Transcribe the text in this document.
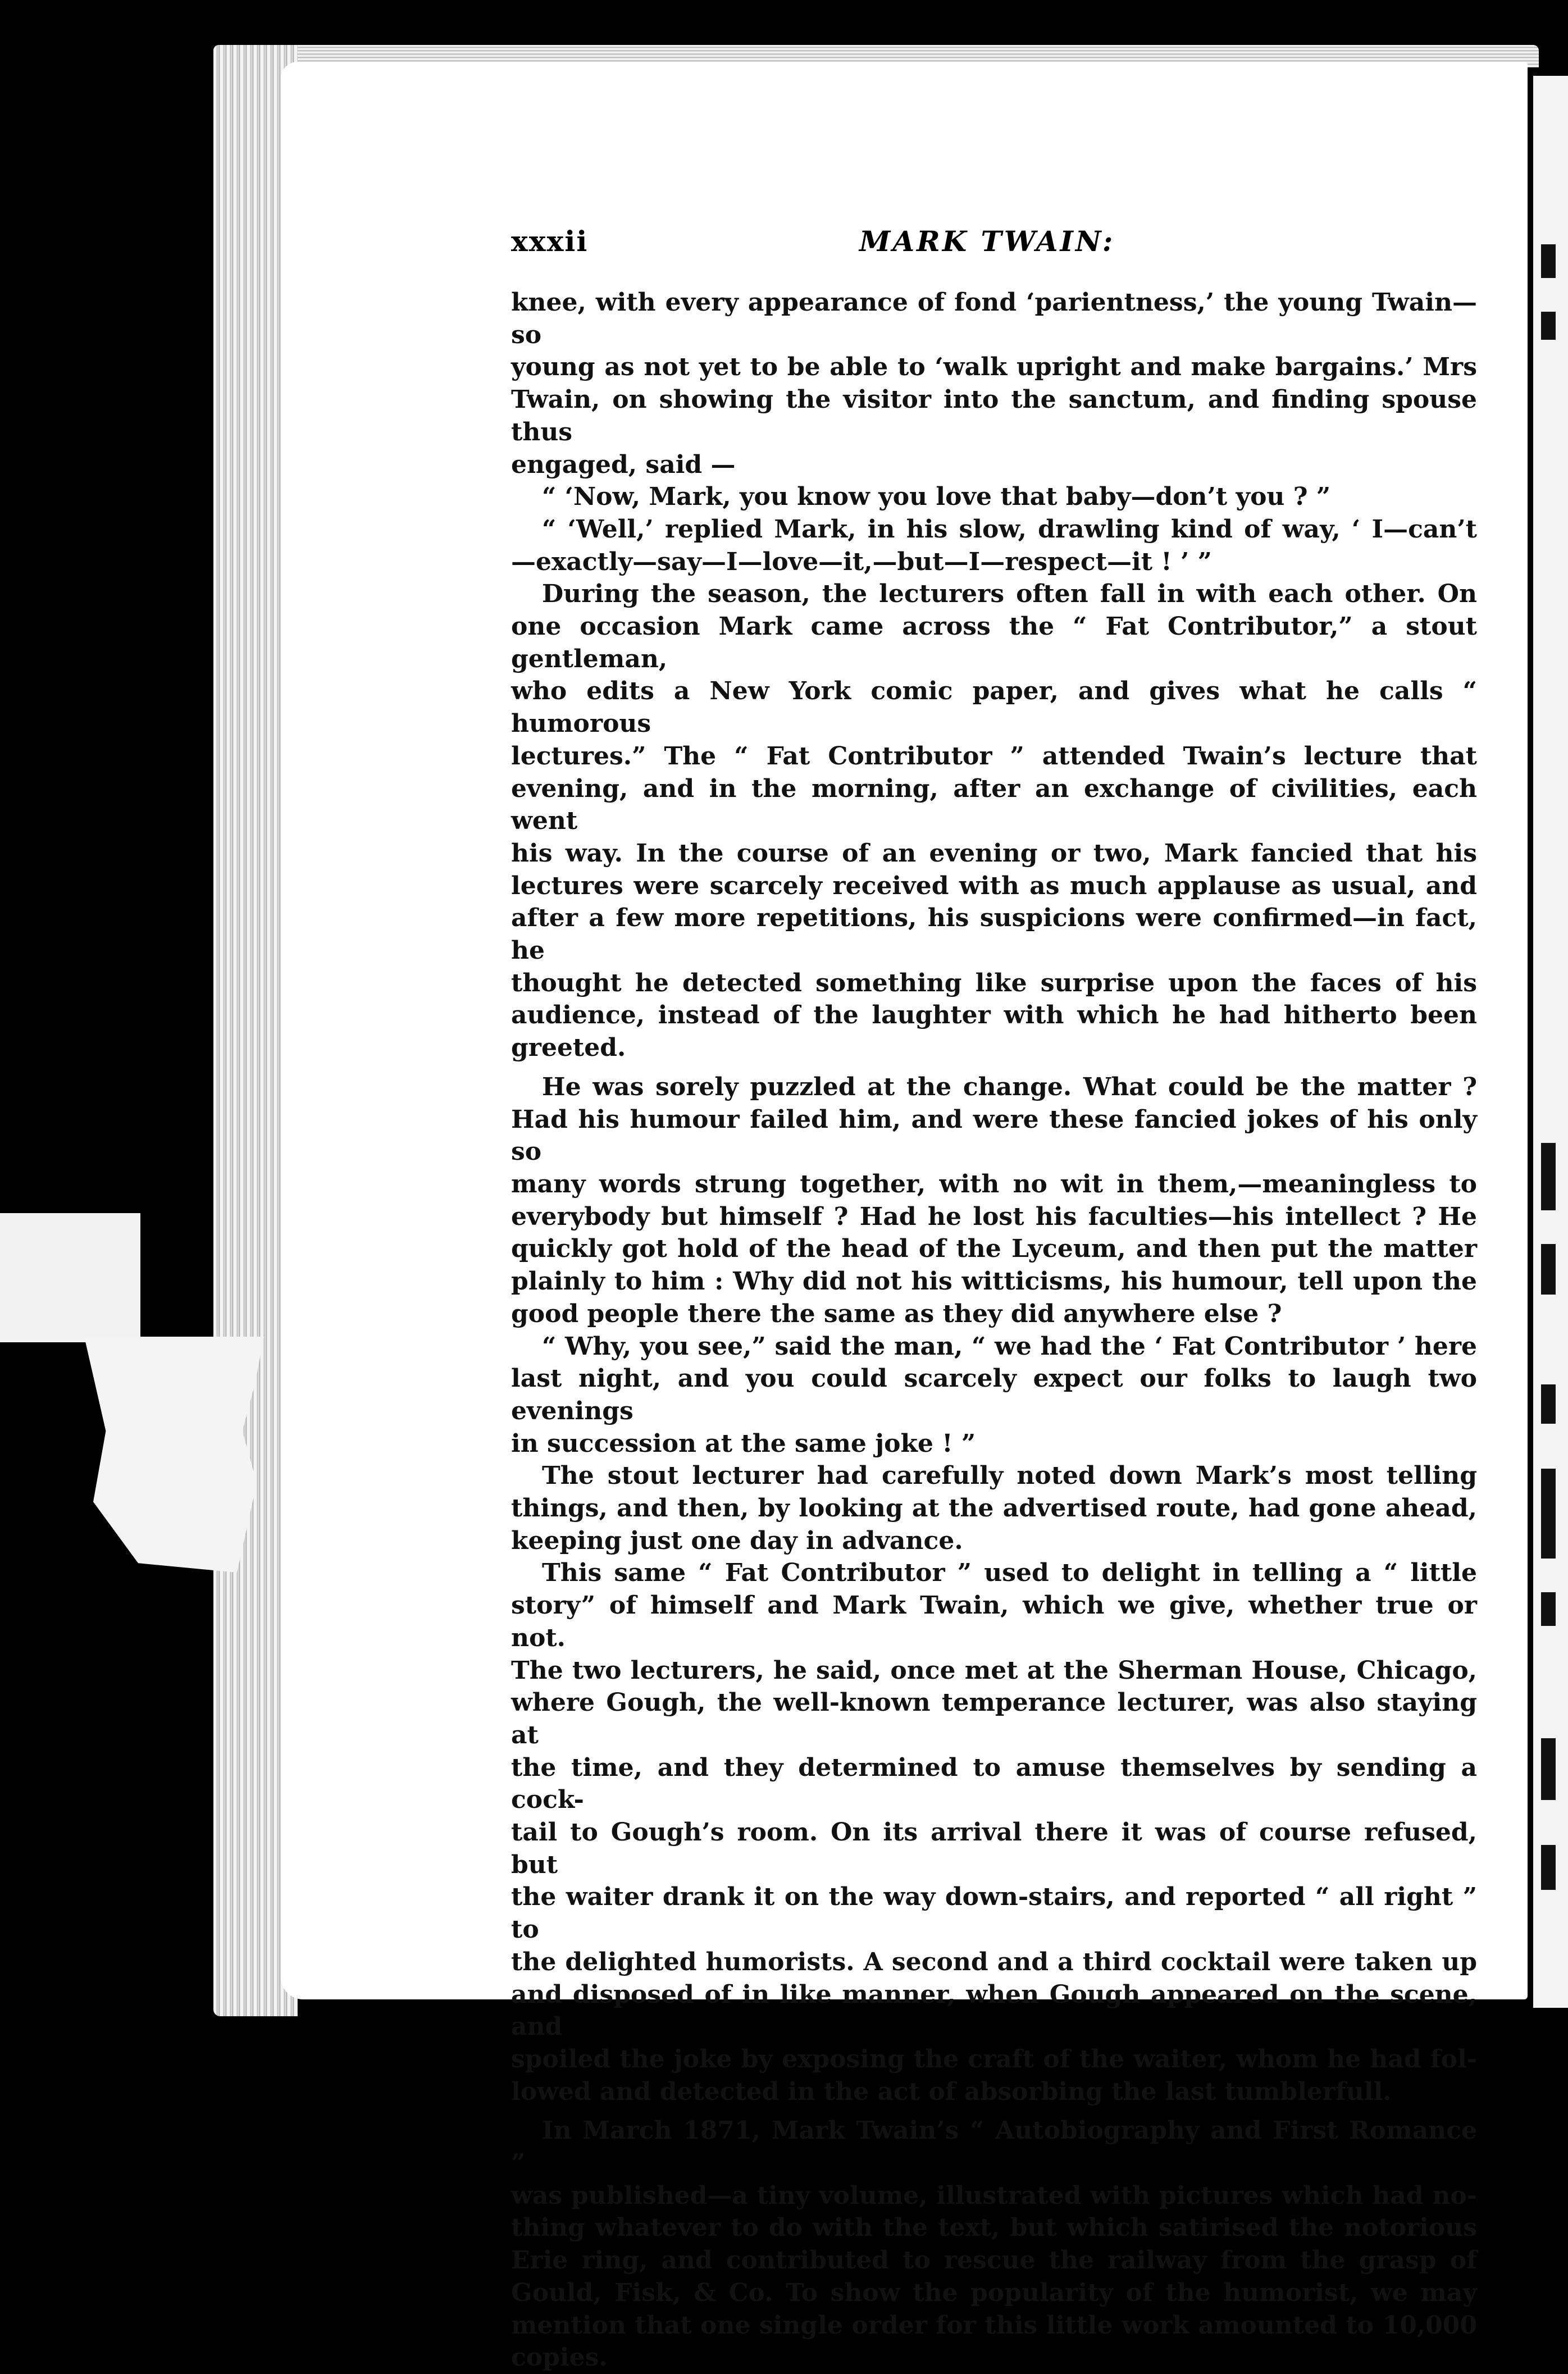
xxxii	MARK TWAIN:

knee, with every appearance of fond ‘parientness,’ the young Twain—so

young as not yet to be able to ‘walk upright and make bargains.’ Mrs

Twain, on showing the visitor into the sanctum, and finding spouse thus

engaged, said —

“ ‘Now, Mark, you know you love that baby—don’t you ? ”

“ ‘Well,’ replied Mark, in his slow, drawling kind of way, ‘ I—can’t

—exactly—say—I—love—it,—but—I—respect—it ! ’ ”

During the season, the lecturers often fall in with each other. On

one occasion Mark came across the “ Fat Contributor,” a stout gentleman,

who edits a New York comic paper, and gives what he calls “ humorous

lectures.” The “ Fat Contributor ” attended Twain’s lecture that

evening, and in the morning, after an exchange of civilities, each went

his way. In the course of an evening or two, Mark fancied that his

lectures were scarcely received with as much applause as usual, and

after a few more repetitions, his suspicions were confirmed—in fact, he

thought he detected something like surprise upon the faces of his

audience, instead of the laughter with which he had hitherto been

greeted.

He was sorely puzzled at the change. What could be the matter ?

Had his humour failed him, and were these fancied jokes of his only so

many words strung together, with no wit in them,—meaningless to

everybody but himself ? Had he lost his faculties—his intellect ? He

quickly got hold of the head of the Lyceum, and then put the matter

plainly to him : Why did not his witticisms, his humour, tell upon the

good people there the same as they did anywhere else ?

“ Why, you see,” said the man, “ we had the ‘ Fat Contributor ’ here

last night, and you could scarcely expect our folks to laugh two evenings

in succession at the same joke ! ”

The stout lecturer had carefully noted down Mark’s most telling

things, and then, by looking at the advertised route, had gone ahead,

keeping just one day in advance.

This same “ Fat Contributor ” used to delight in telling a “ little

story” of himself and Mark Twain, which we give, whether true or not.

The two lecturers, he said, once met at the Sherman House, Chicago,

where Gough, the well-known temperance lecturer, was also staying at

the time, and they determined to amuse themselves by sending a cock-

tail to Gough’s room. On its arrival there it was of course refused, but

the waiter drank it on the way down-stairs, and reported “ all right ” to

the delighted humorists. A second and a third cocktail were taken up

and disposed of in like manner, when Gough appeared on the scene, and

spoiled the joke by exposing the craft of the waiter, whom he had fol-

lowed and detected in the act of absorbing the last tumblerfull.

In March 1871, Mark Twain’s “ Autobiography and First Romance ”

was published—a tiny volume, illustrated with pictures which had no-

thing whatever to do with the text, but which satirised the notorious

Erie ring, and contributed to rescue the railway from the grasp of

Gould, Fisk, & Co. To show the popularity of the humorist, we may

mention that one single order for this little work amounted to 10,000

copies.
